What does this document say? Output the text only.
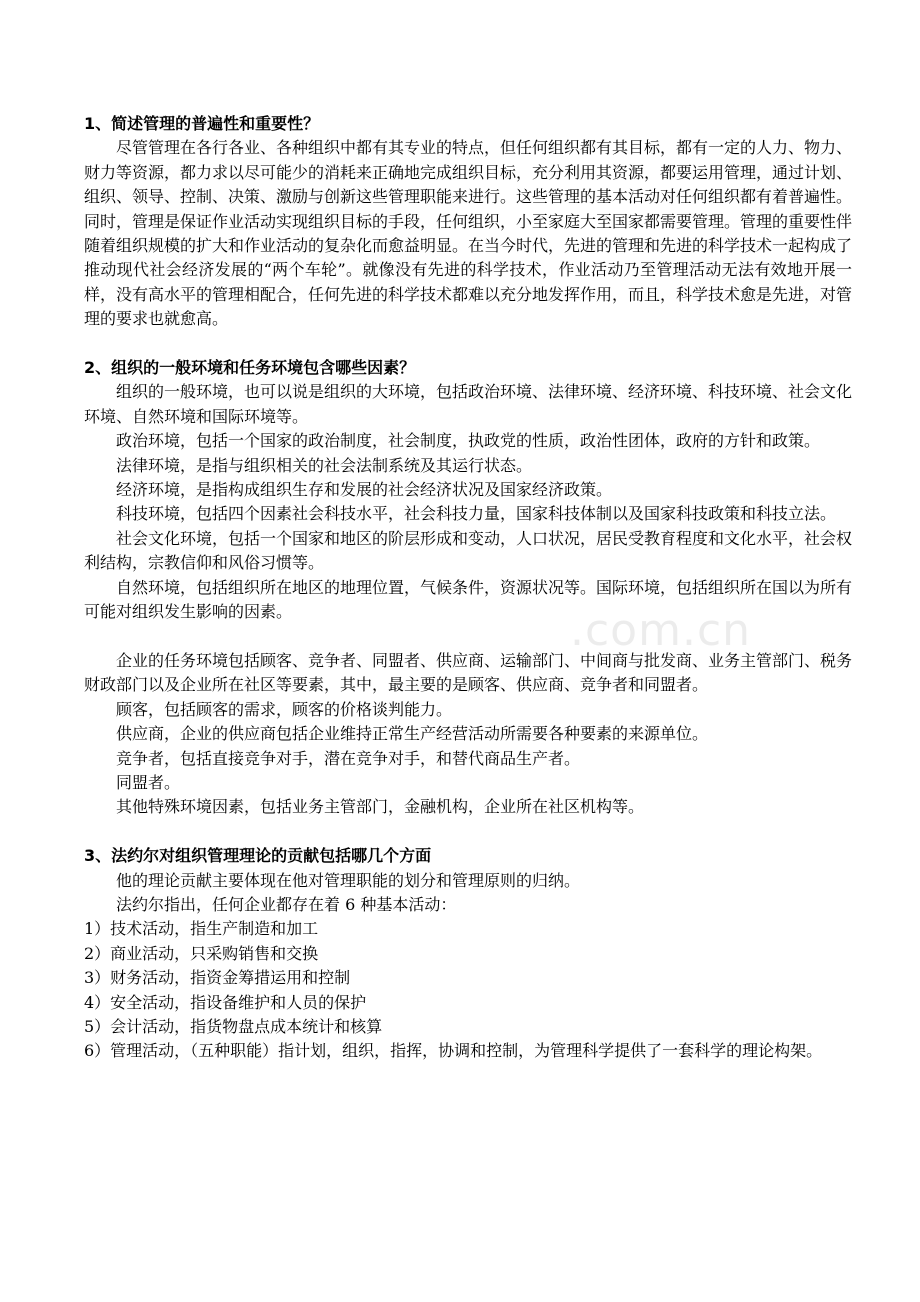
.com.cn

1、简述管理的普遍性和重要性？

尽管管理在各行各业、各种组织中都有其专业的特点，但任何组织都有其目标，都有一定的人力、物力、财力等资源，都力求以尽可能少的消耗来正确地完成组织目标，充分利用其资源，都要运用管理，通过计划、组织、领导、控制、决策、激励与创新这些管理职能来进行。这些管理的基本活动对任何组织都有着普遍性。同时，管理是保证作业活动实现组织目标的手段，任何组织，小至家庭大至国家都需要管理。管理的重要性伴随着组织规模的扩大和作业活动的复杂化而愈益明显。在当今时代，先进的管理和先进的科学技术一起构成了推动现代社会经济发展的“两个车轮”。就像没有先进的科学技术，作业活动乃至管理活动无法有效地开展一样，没有高水平的管理相配合，任何先进的科学技术都难以充分地发挥作用，而且，科学技术愈是先进，对管理的要求也就愈高。

2、组织的一般环境和任务环境包含哪些因素？

组织的一般环境，也可以说是组织的大环境，包括政治环境、法律环境、经济环境、科技环境、社会文化环境、自然环境和国际环境等。

政治环境，包括一个国家的政治制度，社会制度，执政党的性质，政治性团体，政府的方针和政策。

法律环境，是指与组织相关的社会法制系统及其运行状态。

经济环境，是指构成组织生存和发展的社会经济状况及国家经济政策。

科技环境，包括四个因素社会科技水平，社会科技力量，国家科技体制以及国家科技政策和科技立法。

社会文化环境，包括一个国家和地区的阶层形成和变动，人口状况，居民受教育程度和文化水平，社会权利结构，宗教信仰和风俗习惯等。

自然环境，包括组织所在地区的地理位置，气候条件，资源状况等。国际环境，包括组织所在国以为所有可能对组织发生影响的因素。

企业的任务环境包括顾客、竞争者、同盟者、供应商、运输部门、中间商与批发商、业务主管部门、税务财政部门以及企业所在社区等要素，其中，最主要的是顾客、供应商、竞争者和同盟者。

顾客，包括顾客的需求，顾客的价格谈判能力。

供应商，企业的供应商包括企业维持正常生产经营活动所需要各种要素的来源单位。

竞争者，包括直接竞争对手，潜在竞争对手，和替代商品生产者。

同盟者。

其他特殊环境因素，包括业务主管部门，金融机构，企业所在社区机构等。

3、法约尔对组织管理理论的贡献包括哪几个方面

他的理论贡献主要体现在他对管理职能的划分和管理原则的归纳。

法约尔指出，任何企业都存在着 6 种基本活动：

1）技术活动，指生产制造和加工

2）商业活动，只采购销售和交换

3）财务活动，指资金筹措运用和控制

4）安全活动，指设备维护和人员的保护

5）会计活动，指货物盘点成本统计和核算

6）管理活动，（五种职能）指计划，组织，指挥，协调和控制，为管理科学提供了一套科学的理论构架。
